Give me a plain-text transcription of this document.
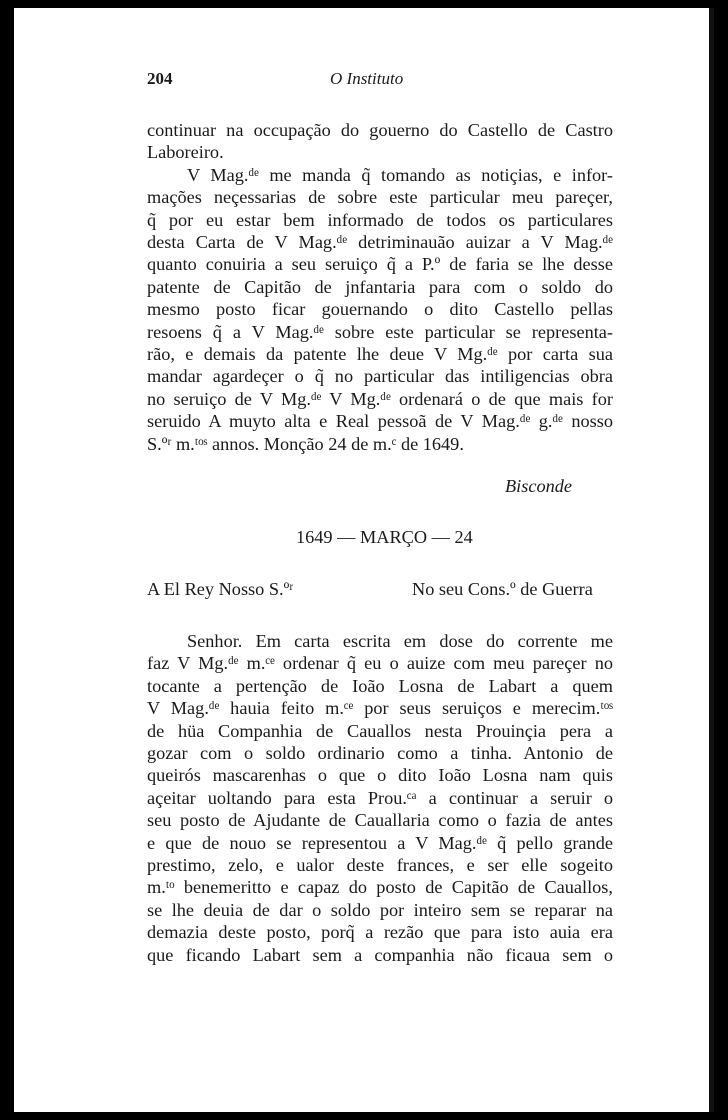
204	O Instituto
continuar na occupação do gouerno do Castello de Castro
Laboreiro.
V Mag.ᵈᵉ me manda q̃ tomando as notiçias, e infor-
mações neçessarias de sobre este particular meu pareçer,
q̃ por eu estar bem informado de todos os particulares
desta Carta de V Mag.ᵈᵉ detriminauão auizar a V Mag.ᵈᵉ
quanto conuiria a seu seruiço q̃ a P.º de faria se lhe desse
patente de Capitão de jnfantaria para com o soldo do
mesmo posto ficar gouernando o dito Castello pellas
resoens q̃ a V Mag.ᵈᵉ sobre este particular se representa-
rão, e demais da patente lhe deue V Mg.ᵈᵉ por carta sua
mandar agardeçer o q̃ no particular das intiligencias obra
no seruiço de V Mg.ᵈᵉ V Mg.ᵈᵉ ordenará o de que mais for
seruido A muyto alta e Real pessoã de V Mag.ᵈᵉ g.ᵈᵉ nosso
S.ºʳ m.ᵗᵒˢ annos. Monção 24 de m.ᶜ de 1649.
Bisconde
1649 — MARÇO — 24
A El Rey Nosso S.ºʳ	No seu Cons.º de Guerra
Senhor. Em carta escrita em dose do corrente me
faz V Mg.ᵈᵉ m.ᶜᵉ ordenar q̃ eu o auize com meu pareçer no
tocante a pertenção de Ioão Losna de Labart a quem
V Mag.ᵈᵉ hauia feito m.ᶜᵉ por seus seruiços e merecim.ᵗᵒˢ
de hüa Companhia de Cauallos nesta Prouinçia pera a
gozar com o soldo ordinario como a tinha. Antonio de
queirós mascarenhas o que o dito Ioão Losna nam quis
açeitar uoltando para esta Prou.ᶜᵃ a continuar a seruir o
seu posto de Ajudante de Cauallaria como o fazia de antes
e que de nouo se representou a V Mag.ᵈᵉ q̃ pello grande
prestimo, zelo, e ualor deste frances, e ser elle sogeito
m.ᵗᵒ benemeritto e capaz do posto de Capitão de Cauallos,
se lhe deuia de dar o soldo por inteiro sem se reparar na
demazia deste posto, porq̃ a rezão que para isto auia era
que ficando Labart sem a companhia não ficaua sem o
